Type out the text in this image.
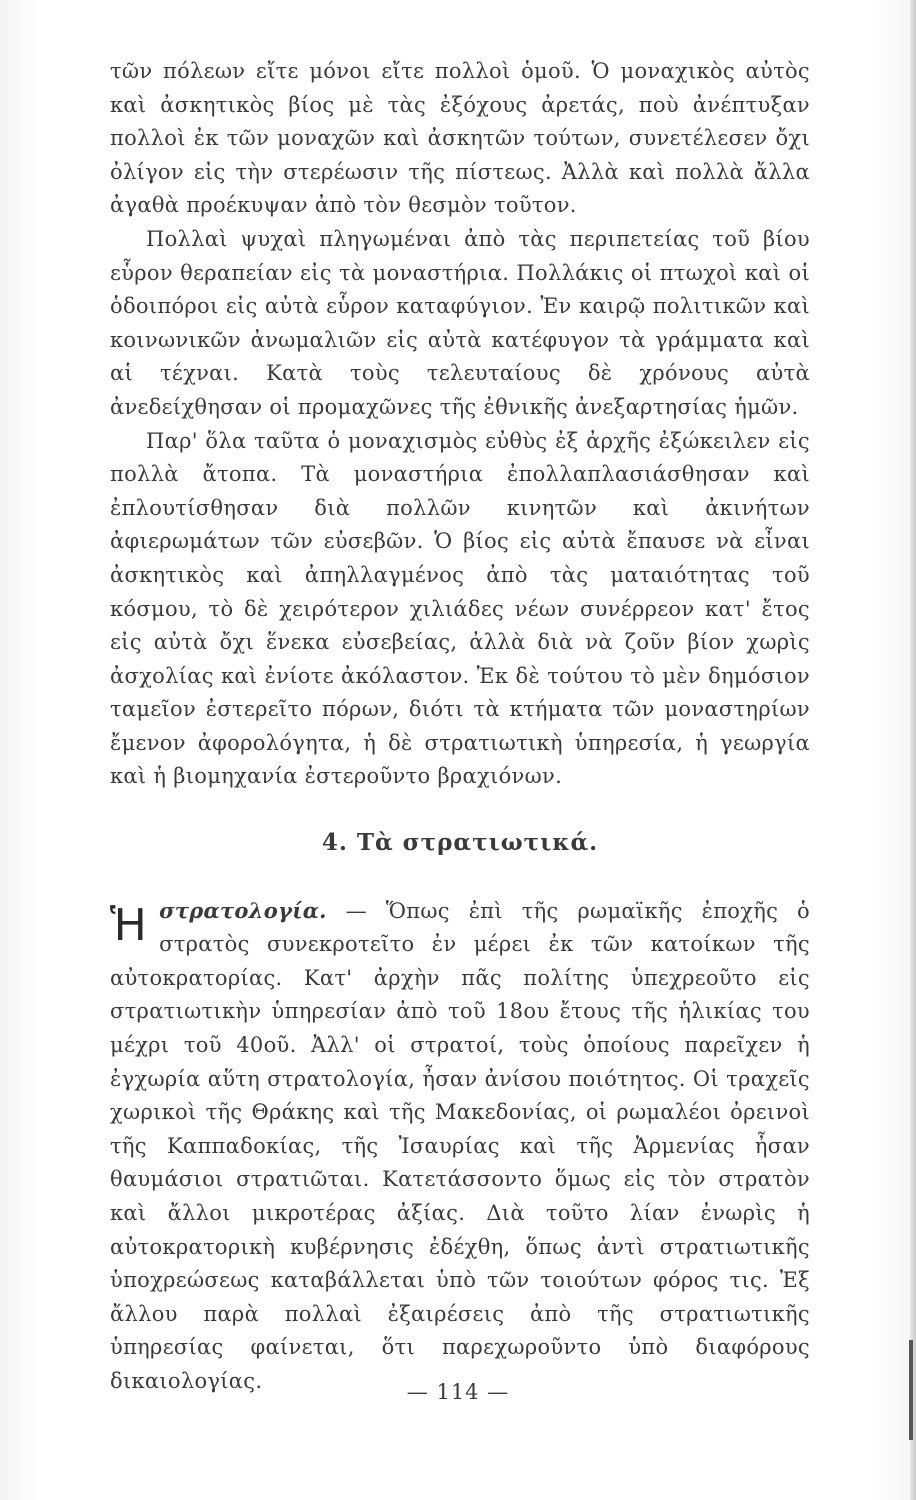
τῶν πόλεων εἴτε μόνοι εἴτε πολλοὶ ὁμοῦ. Ὁ μοναχικὸς αὐτὸς καὶ ἀσκητικὸς βίος μὲ τὰς ἐξόχους ἀρετάς, ποὺ ἀνέπτυξαν πολλοὶ ἐκ τῶν μοναχῶν καὶ ἀσκητῶν τούτων, συνετέλεσεν ὄχι ὀλίγον εἰς τὴν στερέωσιν τῆς πίστεως. Ἀλλὰ καὶ πολλὰ ἄλλα ἀγαθὰ προέκυψαν ἀπὸ τὸν θεσμὸν τοῦτον.

Πολλαὶ ψυχαὶ πληγωμέναι ἀπὸ τὰς περιπετείας τοῦ βίου εὗρον θεραπείαν εἰς τὰ μοναστήρια. Πολλάκις οἱ πτωχοὶ καὶ οἱ ὁδοιπόροι εἰς αὐτὰ εὗρον καταφύγιον. Ἐν καιρῷ πολιτικῶν καὶ κοινωνικῶν ἀνωμαλιῶν εἰς αὐτὰ κατέφυγον τὰ γράμματα καὶ αἱ τέχναι. Κατὰ τοὺς τελευταίους δὲ χρόνους αὐτὰ ἀνεδείχθησαν οἱ προμαχῶνες τῆς ἐθνικῆς ἀνεξαρτησίας ἡμῶν.

Παρ' ὅλα ταῦτα ὁ μοναχισμὸς εὐθὺς ἐξ ἀρχῆς ἐξώκειλεν εἰς πολλὰ ἄτοπα. Τὰ μοναστήρια ἐπολλαπλασιάσθησαν καὶ ἐπλουτίσθησαν διὰ πολλῶν κινητῶν καὶ ἀκινήτων ἀφιερωμάτων τῶν εὐσεβῶν. Ὁ βίος εἰς αὐτὰ ἔπαυσε νὰ εἶναι ἀσκητικὸς καὶ ἀπηλλαγμένος ἀπὸ τὰς ματαιότητας τοῦ κόσμου, τὸ δὲ χειρότερον χιλιάδες νέων συνέρρεον κατ' ἔτος εἰς αὐτὰ ὄχι ἕνεκα εὐσεβείας, ἀλλὰ διὰ νὰ ζοῦν βίον χωρὶς ἀσχολίας καὶ ἐνίοτε ἀκόλαστον. Ἐκ δὲ τούτου τὸ μὲν δημόσιον ταμεῖον ἐστερεῖτο πόρων, διότι τὰ κτήματα τῶν μοναστηρίων ἔμενον ἀφορολόγητα, ἡ δὲ στρατιωτικὴ ὑπηρεσία, ἡ γεωργία καὶ ἡ βιομηχανία ἐστεροῦντο βραχιόνων.

4. Τὰ στρατιωτικά.

Ἡ στρατολογία. — Ὅπως ἐπὶ τῆς ρωμαϊκῆς ἐποχῆς ὁ στρατὸς συνεκροτεῖτο ἐν μέρει ἐκ τῶν κατοίκων τῆς αὐτοκρατορίας. Κατ' ἀρχὴν πᾶς πολίτης ὑπεχρεοῦτο εἰς στρατιωτικὴν ὑπηρεσίαν ἀπὸ τοῦ 18ου ἔτους τῆς ἡλικίας του μέχρι τοῦ 40οῦ. Ἀλλ' οἱ στρατοί, τοὺς ὁποίους παρεῖχεν ἡ ἐγχωρία αὕτη στρατολογία, ἦσαν ἀνίσου ποιότητος. Οἱ τραχεῖς χωρικοὶ τῆς Θράκης καὶ τῆς Μακεδονίας, οἱ ρωμαλέοι ὀρεινοὶ τῆς Καππαδοκίας, τῆς Ἰσαυρίας καὶ τῆς Ἀρμενίας ἦσαν θαυμάσιοι στρατιῶται. Κατετάσσοντο ὅμως εἰς τὸν στρατὸν καὶ ἄλλοι μικροτέρας ἀξίας. Διὰ τοῦτο λίαν ἐνωρὶς ἡ αὐτοκρατορικὴ κυβέρνησις ἐδέχθη, ὅπως ἀντὶ στρατιωτικῆς ὑποχρεώσεως καταβάλλεται ὑπὸ τῶν τοιούτων φόρος τις. Ἐξ ἄλλου παρὰ πολλαὶ ἐξαιρέσεις ἀπὸ τῆς στρατιωτικῆς ὑπηρεσίας φαίνεται, ὅτι παρεχωροῦντο ὑπὸ διαφόρους δικαιολογίας.	— 114 —
